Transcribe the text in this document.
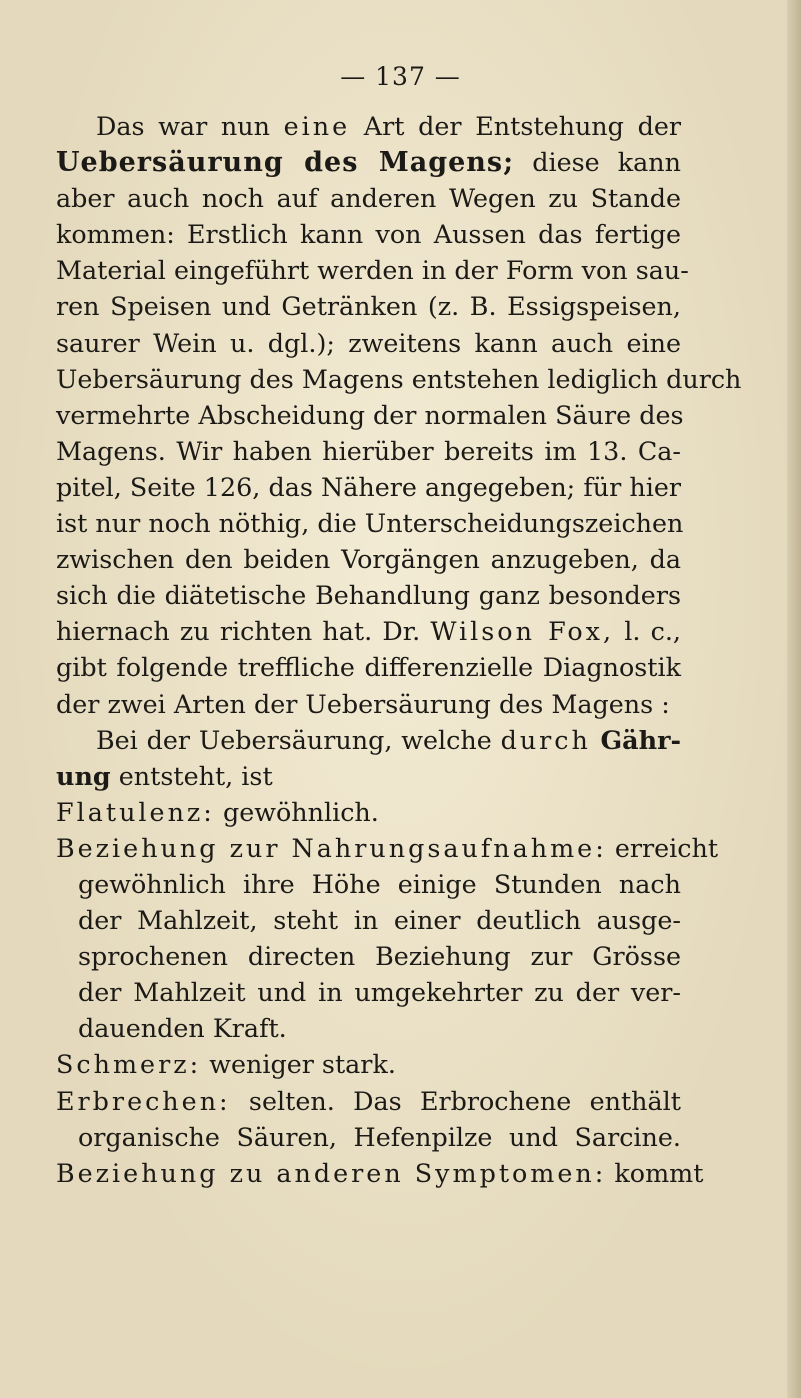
— 137 —
Das war nun eine Art der Entstehung der
Uebersäurung des Magens; diese kann
aber auch noch auf anderen Wegen zu Stande
kommen: Erstlich kann von Aussen das fertige
Material eingeführt werden in der Form von sau-
ren Speisen und Getränken (z. B. Essigspeisen,
saurer Wein u. dgl.); zweitens kann auch eine
Uebersäurung des Magens entstehen lediglich durch
vermehrte Abscheidung der normalen Säure des
Magens. Wir haben hierüber bereits im 13. Ca-
pitel, Seite 126, das Nähere angegeben; für hier
ist nur noch nöthig, die Unterscheidungszeichen
zwischen den beiden Vorgängen anzugeben, da
sich die diätetische Behandlung ganz besonders
hiernach zu richten hat. Dr. Wilson Fox, l. c.,
gibt folgende treffliche differenzielle Diagnostik
der zwei Arten der Uebersäurung des Magens :
Bei der Uebersäurung, welche durch Gähr-
ung entsteht, ist
Flatulenz: gewöhnlich.
Beziehung zur Nahrungsaufnahme: erreicht
gewöhnlich ihre Höhe einige Stunden nach
der Mahlzeit, steht in einer deutlich ausge-
sprochenen directen Beziehung zur Grösse
der Mahlzeit und in umgekehrter zu der ver-
dauenden Kraft.
Schmerz: weniger stark.
Erbrechen: selten. Das Erbrochene enthält
organische Säuren, Hefenpilze und Sarcine.
Beziehung zu anderen Symptomen: kommt
